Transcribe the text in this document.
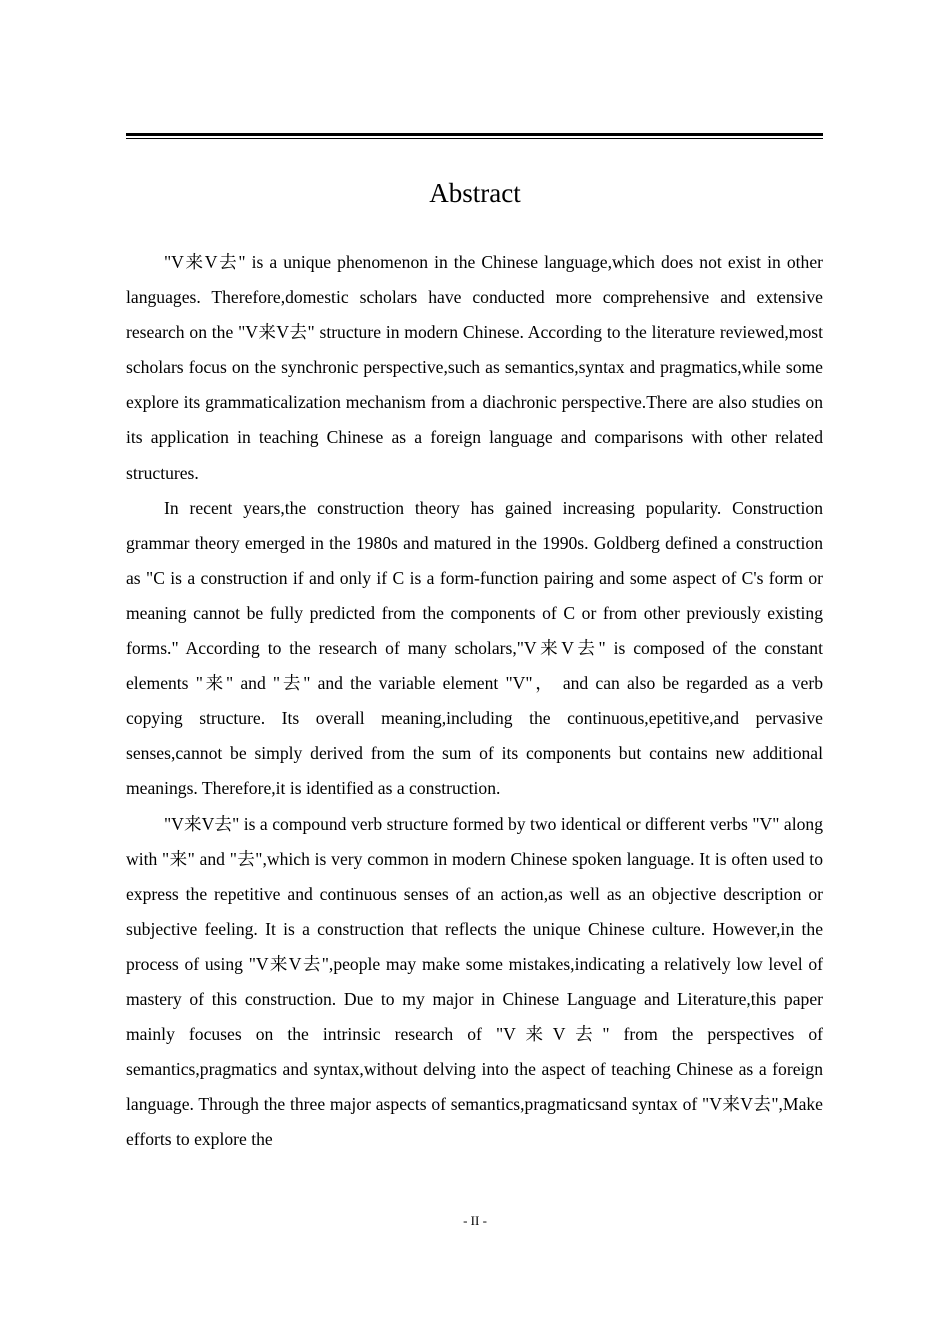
Abstract

"V来V去" is a unique phenomenon in the Chinese language,which does not exist in other languages. Therefore,domestic scholars have conducted more comprehensive and extensive research on the "V来V去" structure in modern Chinese. According to the literature reviewed,most scholars focus on the synchronic perspective,such as semantics,syntax and pragmatics,while some explore its grammaticalization mechanism from a diachronic perspective.There are also studies on its application in teaching Chinese as a foreign language and comparisons with other related structures.

In recent years,the construction theory has gained increasing popularity. Construction grammar theory emerged in the 1980s and matured in the 1990s. Goldberg defined a construction as "C is a construction if and only if C is a form-function pairing and some aspect of C's form or meaning cannot be fully predicted from the components of C or from other previously existing forms." According to the research of many scholars,"V来V去" is composed of the constant elements "来" and "去" and the variable element "V"， and can also be regarded as a verb copying structure. Its overall meaning,including the continuous,epetitive,and pervasive senses,cannot be simply derived from the sum of its components but contains new additional meanings. Therefore,it is identified as a construction.

"V来V去" is a compound verb structure formed by two identical or different verbs "V" along with "来" and "去",which is very common in modern Chinese spoken language. It is often used to express the repetitive and continuous senses of an action,as well as an objective description or subjective feeling. It is a construction that reflects the unique Chinese culture. However,in the process of using "V来V去",people may make some mistakes,indicating a relatively low level of mastery of this construction. Due to my major in Chinese Language and Literature,this paper mainly focuses on the intrinsic research of "V来V去" from the perspectives of semantics,pragmatics and syntax,without delving into the aspect of teaching Chinese as a foreign language. Through the three major aspects of semantics,pragmaticsand syntax of "V来V去",Make efforts to explore the

- II -
